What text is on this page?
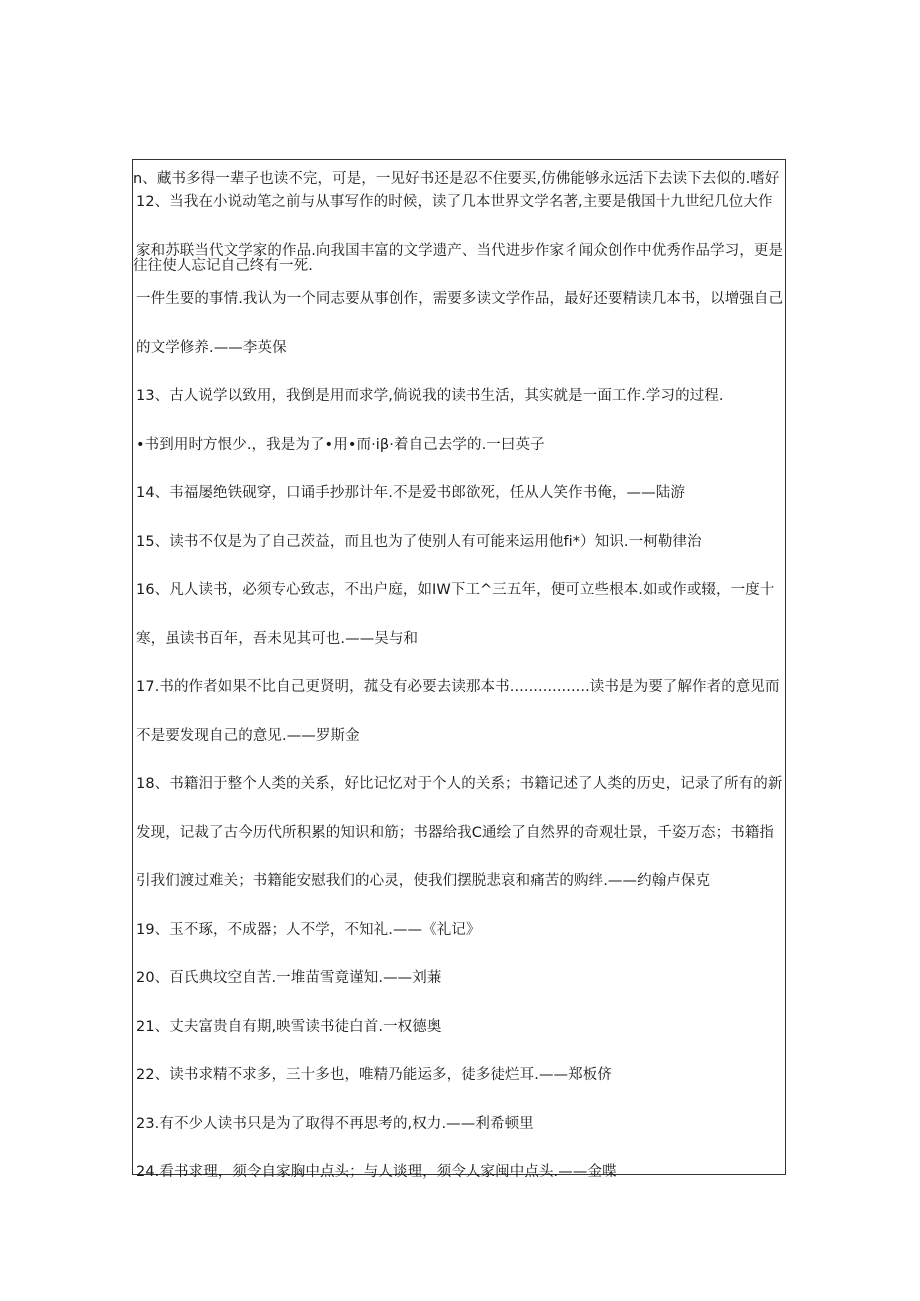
n、藏书多得一辈子也读不完，可是，一见好书还是忍不住要买,仿佛能够永远活下去读下去似的.嗜好

往往使人忘记自己终有一死.

12、当我在小说动笔之前与从事写作的时候，读了几本世界文学名著,主要是俄国十九世纪几位大作家和苏联当代文学家的作品.向我国丰富的文学遗产、当代进步作家彳闻众创作中优秀作品学习，更是一件生要的事情.我认为一个同志要从事创作，需要多读文学作品，最好还要精读几本书，以增强自己的文学修养.——李英保
13、古人说学以致用，我倒是用而求学,倘说我的读书生活，其实就是一面工作.学习的过程.
•书到用时方恨少.，我是为了•用•而·iβ·着自己去学的.一曰英子
14、韦福屡绝铁砚穿，口诵手抄那计年.不是爱书郎欲死，任从人笑作书俺，——陆游
15、读书不仅是为了自己茨益，而且也为了使别人有可能来运用他fi*）知识.一柯勒律治
16、凡人读书，必须专心致志，不出户庭，如IW下工^三五年，便可立些根本.如或作或辍，一度十寒，虽读书百年，吾未见其可也.——吴与和
17.书的作者如果不比自己更贤明，菰殳有必要去读那本书.................读书是为要了解作者的意见而不是要发现自己的意见.——罗斯金
18、书籍汨于整个人类的关系，好比记忆对于个人的关系；书籍记述了人类的历史，记录了所有的新发现，记裁了古今历代所积累的知识和筋；书器给我C通绘了自然界的奇观壮景，千姿万态；书籍指引我们渡过难关；书籍能安慰我们的心灵，使我们摆脱悲哀和痛苦的购绊.——约翰卢保克
19、玉不琢，不成器；人不学，不知礼.——《礼记》
20、百氏典坟空自苦.一堆苗雪竟谨知.——刘蒹
21、丈夫富贵自有期,映雪读书徒白首.一权德奥
22、读书求精不求多，三十多也，唯精乃能运多，徒多徒烂耳.——郑板侪
23.有不少人读书只是为了取得不再思考的,权力.——利希顿里
24.看书求理，须令自家胸中点头；与人谈理，须令人家闽中点头.——金喋
